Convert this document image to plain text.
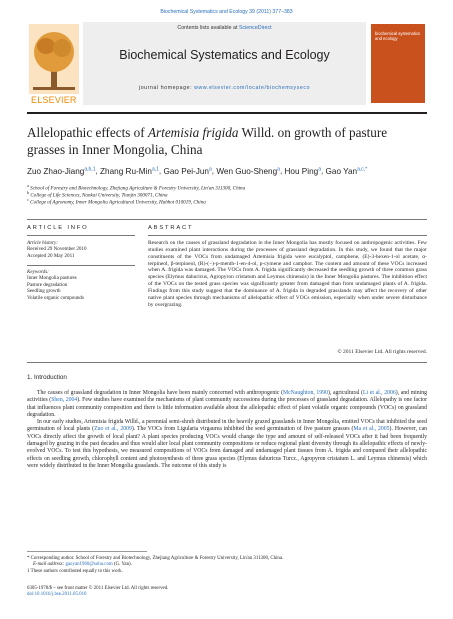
Biochemical Systematics and Ecology 39 (2011) 377–383
ELSEVIER
Contents lists available at ScienceDirect
Biochemical Systematics and Ecology
journal homepage: www.elsevier.com/locate/biochemsyseco
biochemical systematics and ecology
Allelopathic effects of Artemisia frigida Willd. on growth of pasture grasses in Inner Mongolia, China
Zuo Zhao-Jiang$^{a,b,1}$, Zhang Ru-Min$^{a,1}$, Gao Pei-Jun$^a$, Wen Guo-Sheng$^a$, Hou Ping$^a$, Gao Yan$^{a,c,*}$
$^a$ School of Forestry and Biotechnology, Zhejiang Agriculture & Forestry University, Lin'an 311300, China
$^b$ College of Life Sciences, Nankai University, Tianjin 300071, China
$^c$ College of Agronomy, Inner Mongolia Agricultural University, Huhhot 010019, China
ARTICLE INFO
Article history:
Received 29 November 2010
Accepted 20 May 2011
Keywords:
Inner Mongolia pastures
Pasture degradation
Seedling growth
Volatile organic compounds
ABSTRACT
Research on the causes of grassland degradation in the Inner Mongolia has mostly focused on anthropogenic activities. Few studies examined plant interactions during the processes of grassland degradation. In this study, we found that the major constituents of the VOCs from undamaged Artemisia frigida were eucalyptol, camphene, (E)-3-hexen-1-ol acetate, α-terpineol, β-terpineol, (R)-(−)-p-menth-1-en-4-ol, p-cymene and camphor. The content and amount of these VOCs increased when A. frigida was damaged. The VOCs from A. frigida significantly decreased the seedling growth of three common grass species (Elymus dahuricus, Agropyron cristatum and Leymus chinensis) in the Inner Mongolia pastures. The inhibition effect of the VOCs on the tested grass species was significantly greater from damaged than from undamaged plants of A. frigida. Findings from this study suggest that the dominance of A. frigida in degraded grasslands may affect the recovery of other native plant species through mechanisms of allelopathic effect of VOCs emission, especially when under severe disturbance by overgrazing.
© 2011 Elsevier Ltd. All rights reserved.
1. Introduction

The causes of grassland degradation in Inner Mongolia have been mainly concerned with anthropogenic (McNaughton, 1990), agricultural (Li et al., 2006), and mining activities (Shen, 2004). Few studies have examined the mechanisms of plant community successions during the processes of grassland degradation. Allelopathy is one factor that influences plant community composition and there is little information available about the allelopathic effect of plant volatile organic compounds (VOCs) on grassland degradation.

In our early studies, Artemisia frigida Willd., a perennial semi-shrub distributed in the heavily grazed grasslands in Inner Mongolia, emitted VOCs that inhibited the seed germination of local plants (Zuo et al., 2009). The VOCs from Ligularia virgaurea inhibited the seed germination of five pasture grasses (Ma et al., 2005). However, can VOCs directly affect the growth of local plant? A plant species producing VOCs would change the type and amount of self-released VOCs after it had been frequently damaged by grazing in the past decades and thus would alter local plant community compositions or reduce regional plant diversity through its allelopathic effects of newly-evolved VOCs. To test this hypothesis, we measured compositions of VOCs from damaged and undamaged plant tissues from A. frigida and compared their allelopathic effects on seedling growth, chlorophyll content and photosynthesis of three grass species (Elymus dahuricus Turcz., Agropyron cristatum L. and Leymus chinensis) which were widely distributed in the Inner Mongolia grasslands. The outcome of this study is

* Corresponding author. School of Forestry and Biotechnology, Zhejiang Agriculture & Forestry University, Lin'an 311300, China.
E-mail address: gaoyan1960@sohu.com (G. Yan).
1 These authors contributed equally to this work.
0305-1978/$ – see front matter © 2011 Elsevier Ltd. All rights reserved.
doi:10.1016/j.bse.2011.05.010
